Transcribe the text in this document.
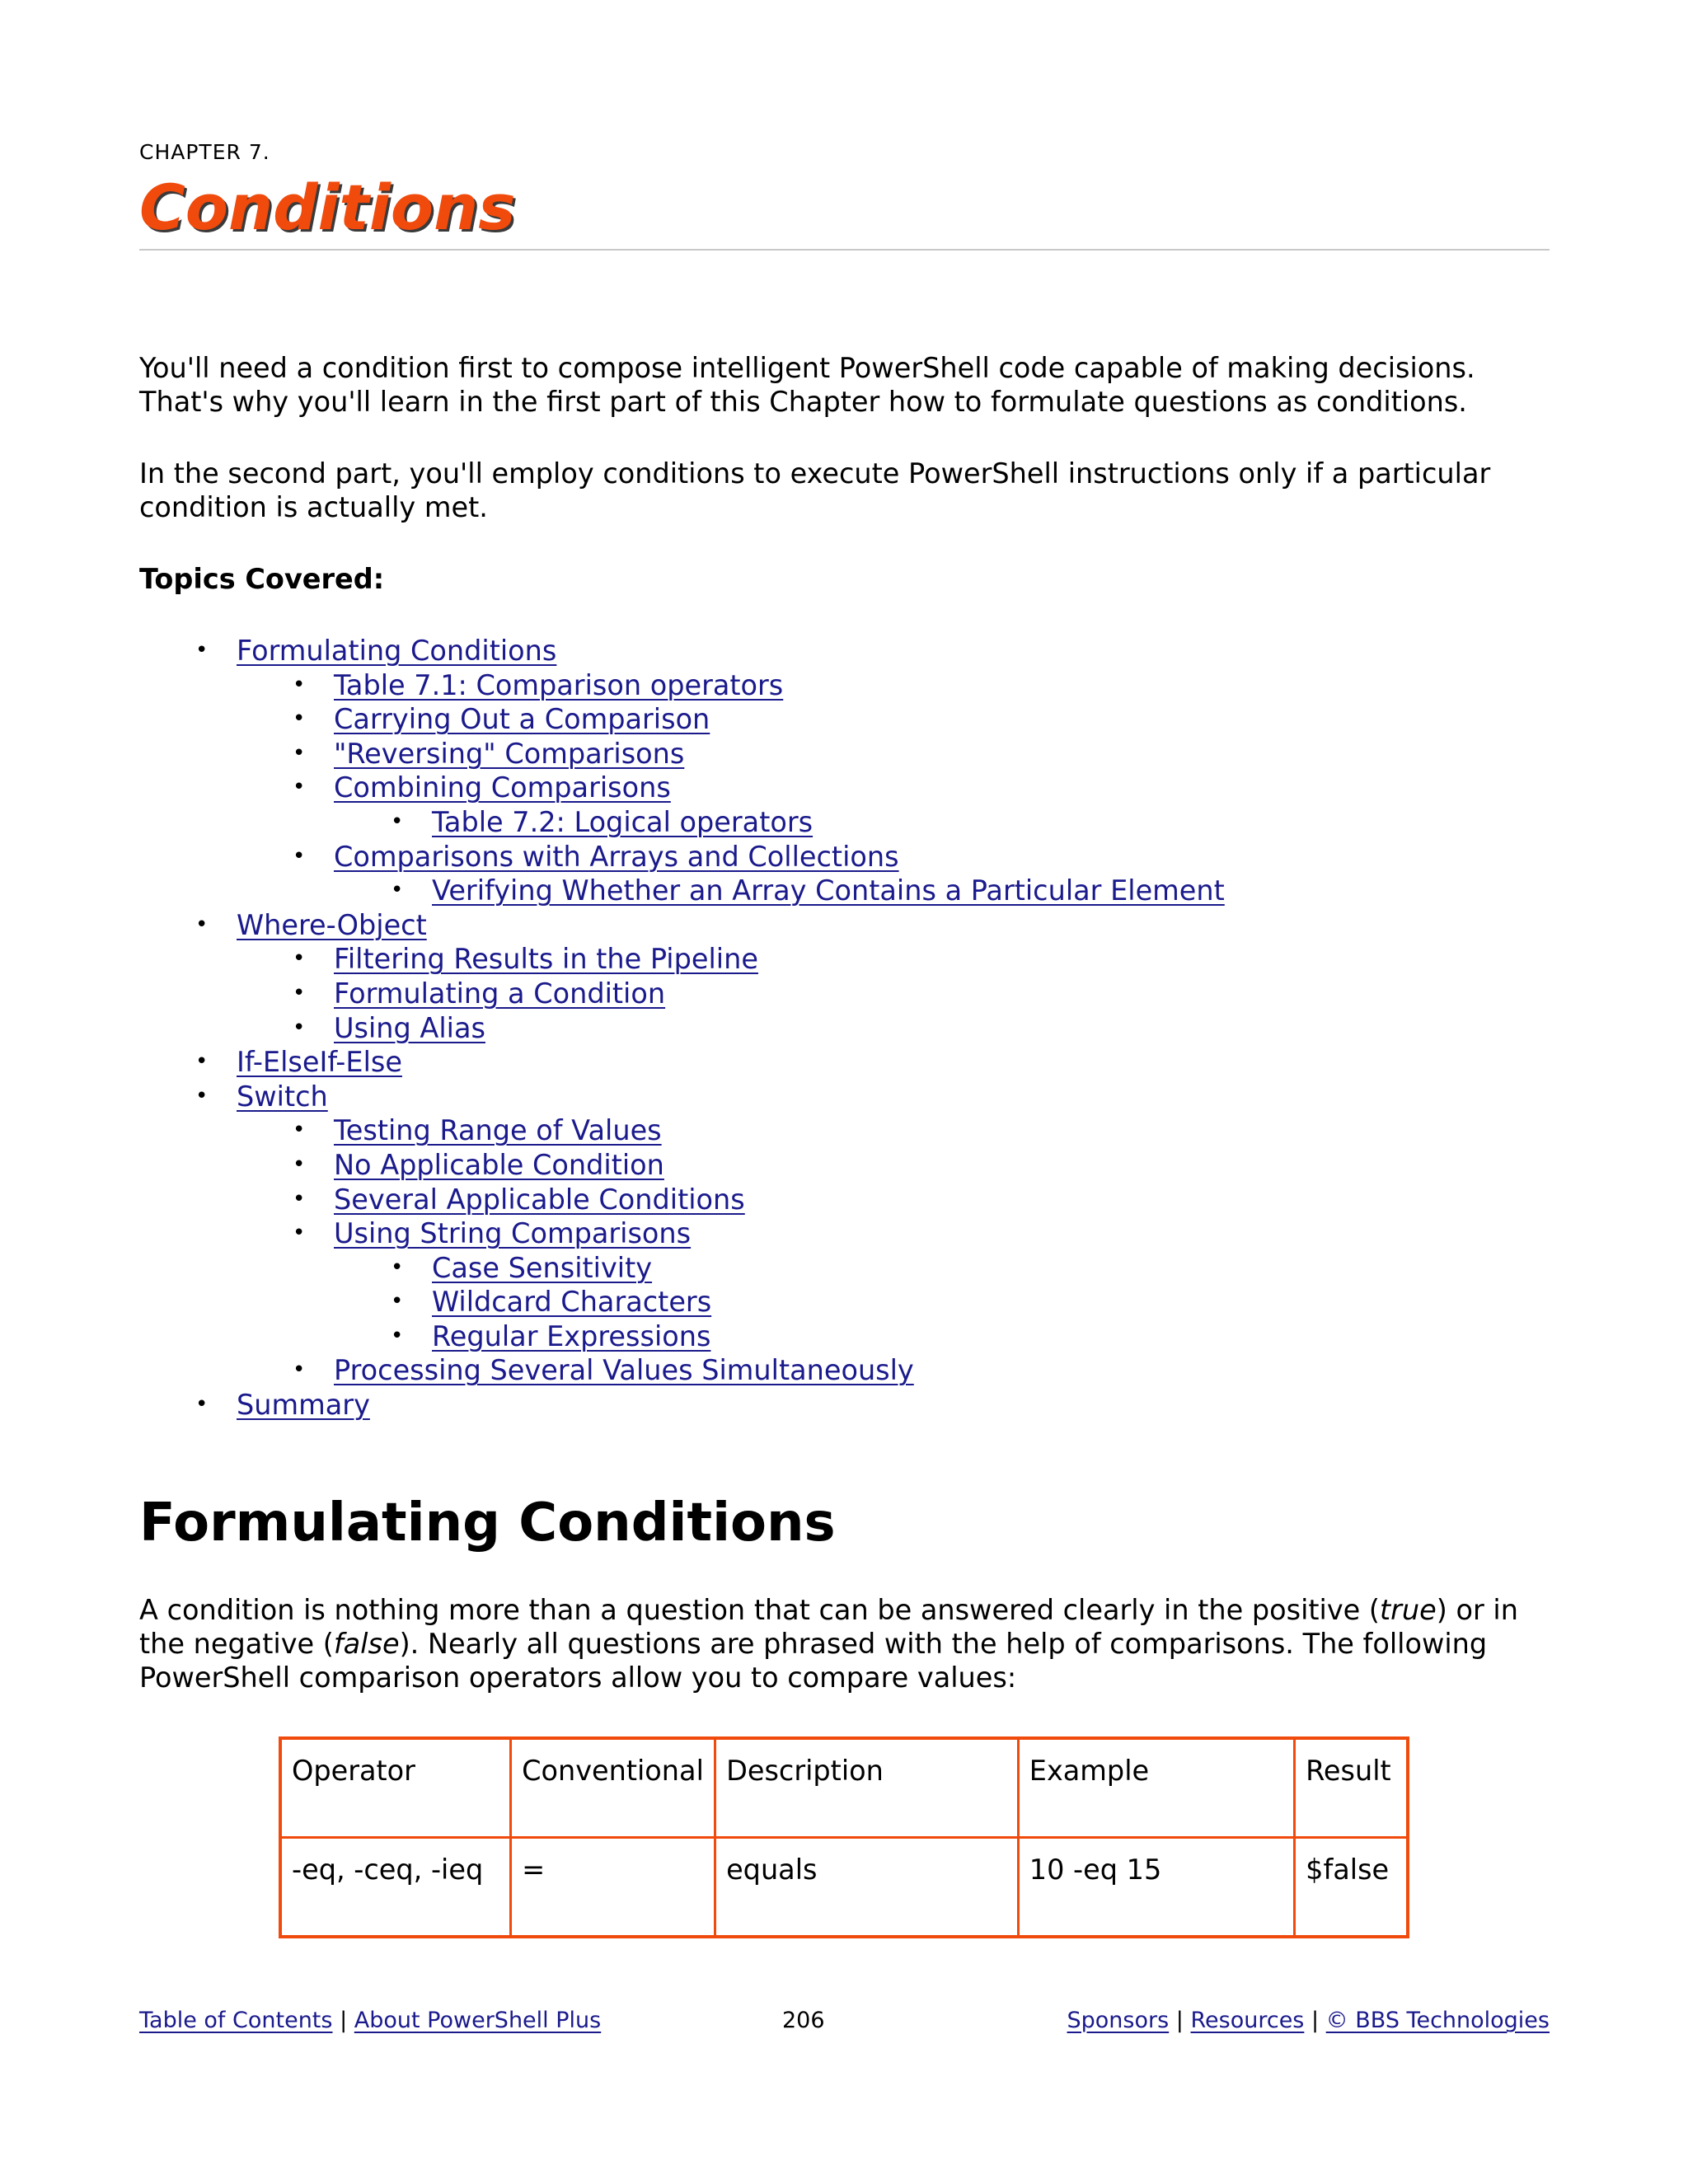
CHAPTER 7.

Conditions

You'll need a condition first to compose intelligent PowerShell code capable of making decisions. That's why you'll learn in the first part of this Chapter how to formulate questions as conditions.

In the second part, you'll employ conditions to execute PowerShell instructions only if a particular condition is actually met.

Topics Covered:

• Formulating Conditions
• Table 7.1: Comparison operators
• Carrying Out a Comparison
• "Reversing" Comparisons
• Combining Comparisons
• Table 7.2: Logical operators
• Comparisons with Arrays and Collections
• Verifying Whether an Array Contains a Particular Element
• Where-Object
• Filtering Results in the Pipeline
• Formulating a Condition
• Using Alias
• If-ElseIf-Else
• Switch
• Testing Range of Values
• No Applicable Condition
• Several Applicable Conditions
• Using String Comparisons
• Case Sensitivity
• Wildcard Characters
• Regular Expressions
• Processing Several Values Simultaneously
• Summary
Formulating Conditions

A condition is nothing more than a question that can be answered clearly in the positive (true) or in the negative (false). Nearly all questions are phrased with the help of comparisons. The following PowerShell comparison operators allow you to compare values:

Operator	Conventional	Description	Example	Result
-eq, -ceq, -ieq	=	equals	10 -eq 15	$false
Table of Contents | About PowerShell Plus	206	Sponsors | Resources | © BBS Technologies
